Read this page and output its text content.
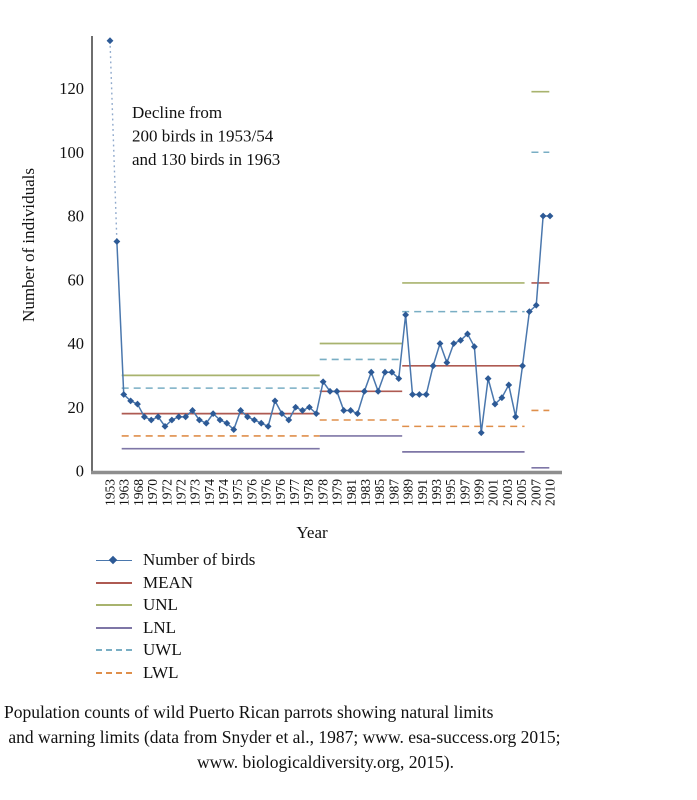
Decline from
200 birds in 1953/54
and 130 birds in 1963
0
20
40
60
80
100
120
Number of individuals
1953 1963 1968 1970 1972 1972 1973 1974 1974 1975 1976 1976 1976 1977 1978 1978 1979 1981 1983 1985 1987 1989 1991 1993 1995 1997 1999 2001 2003 2005 2007 2010
Year
Number of birds
MEAN
UNL
LNL
UWL
LWL
Population counts of wild Puerto Rican parrots showing natural limits
and warning limits (data from Snyder et al., 1987; www. esa-success.org 2015;
www. biologicaldiversity.org, 2015).
